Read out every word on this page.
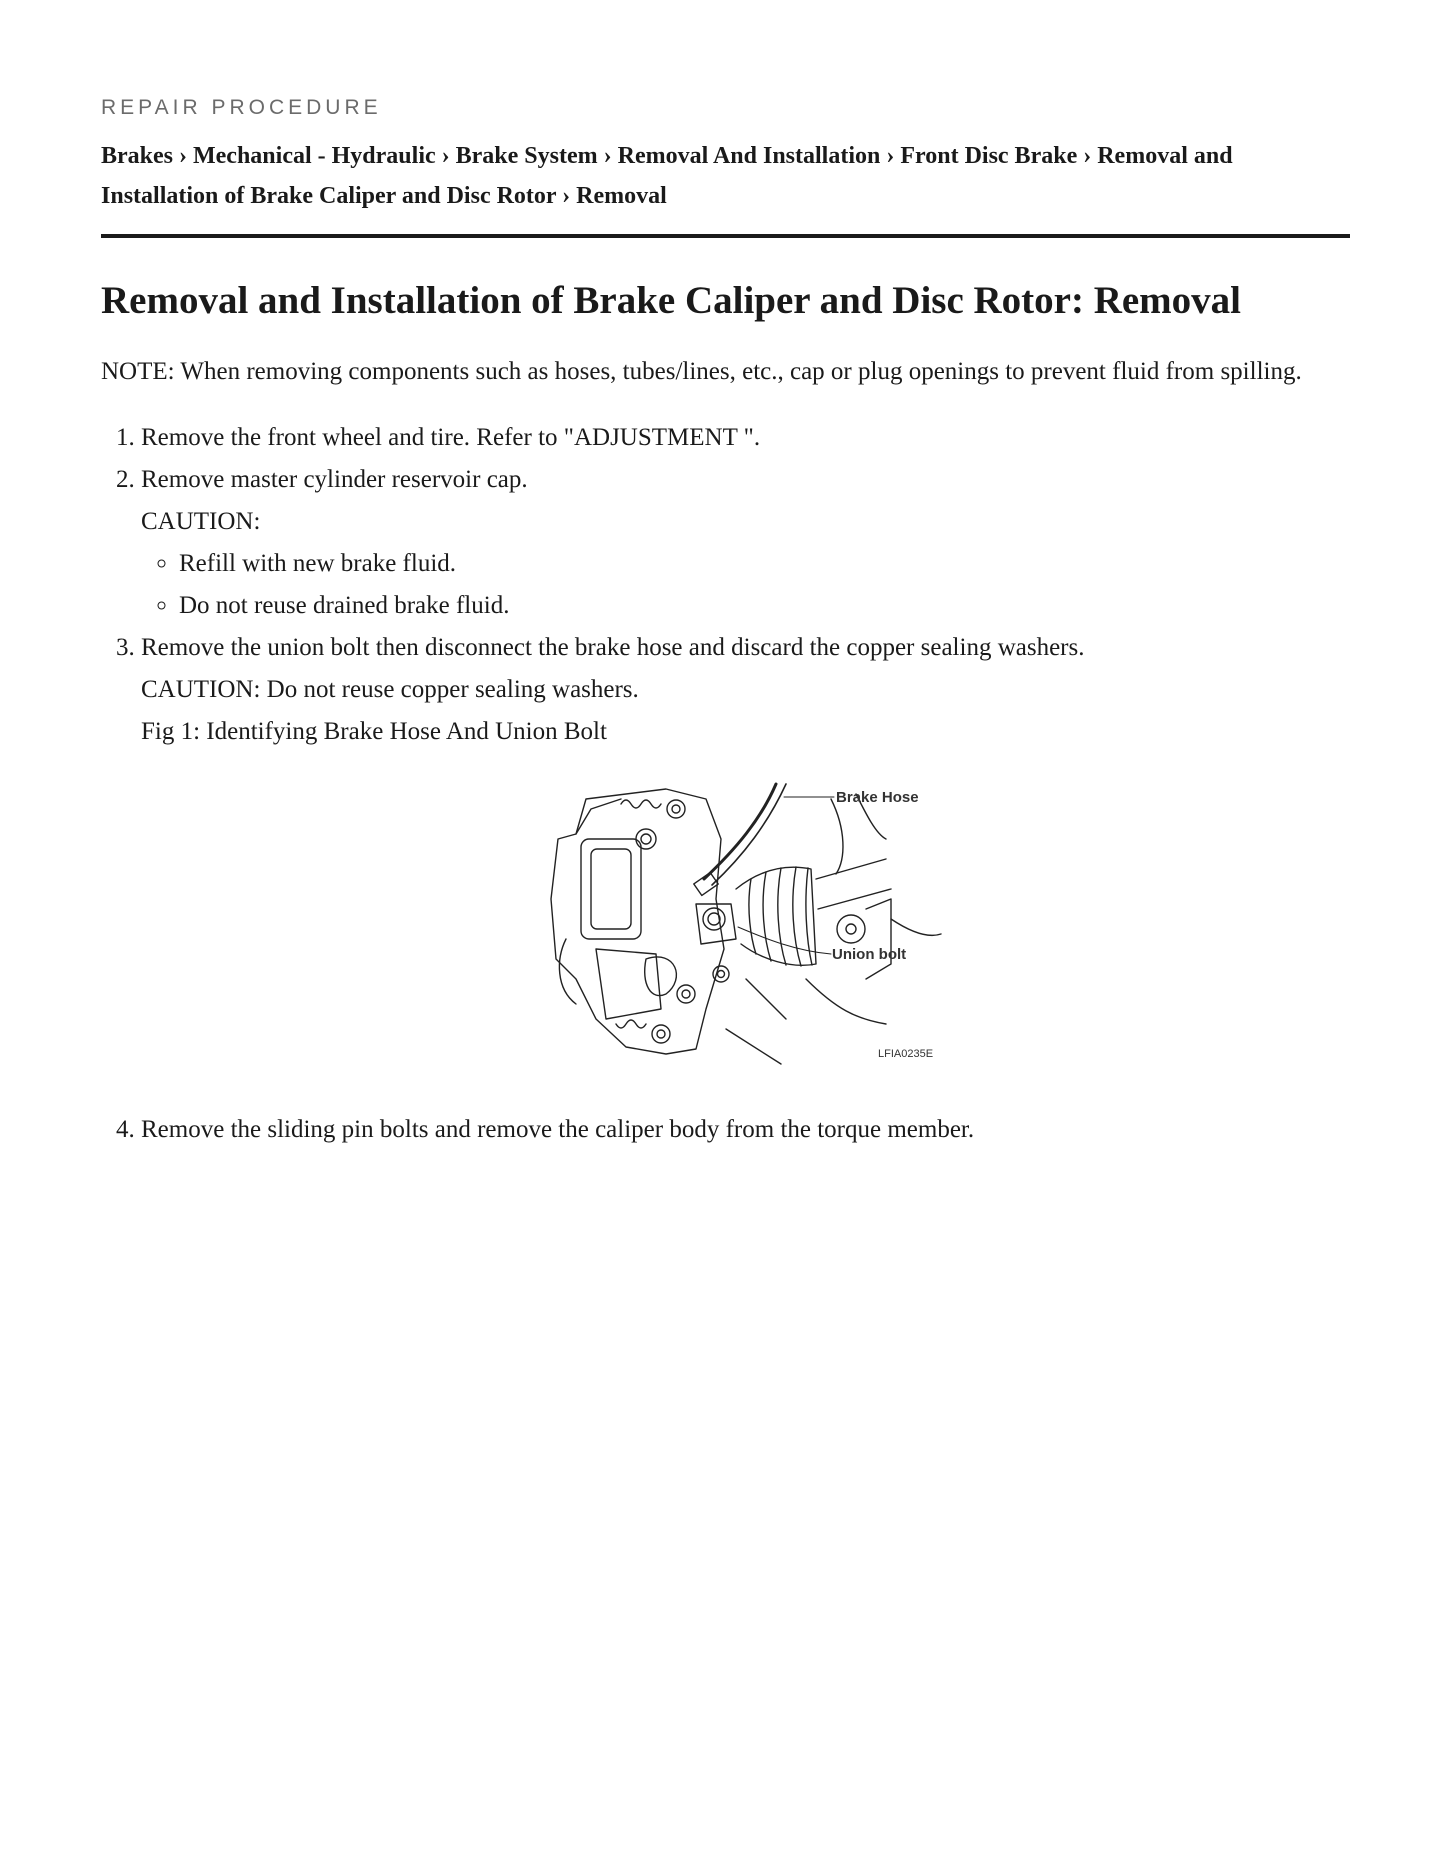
REPAIR PROCEDURE

Brakes › Mechanical - Hydraulic › Brake System › Removal And Installation › Front Disc Brake › Removal and Installation of Brake Caliper and Disc Rotor › Removal
Removal and Installation of Brake Caliper and Disc Rotor: Removal

NOTE: When removing components such as hoses, tubes/lines, etc., cap or plug openings to prevent fluid from spilling.

1. Remove the front wheel and tire. Refer to "ADJUSTMENT ".
2. Remove master cylinder reservoir cap.
CAUTION:
◦ Refill with new brake fluid.
◦ Do not reuse drained brake fluid.
3. Remove the union bolt then disconnect the brake hose and discard the copper sealing washers.
CAUTION: Do not reuse copper sealing washers.
Fig 1: Identifying Brake Hose And Union Bolt
Brake Hose
Union bolt
LFIA0235E
4. Remove the sliding pin bolts and remove the caliper body from the torque member.
